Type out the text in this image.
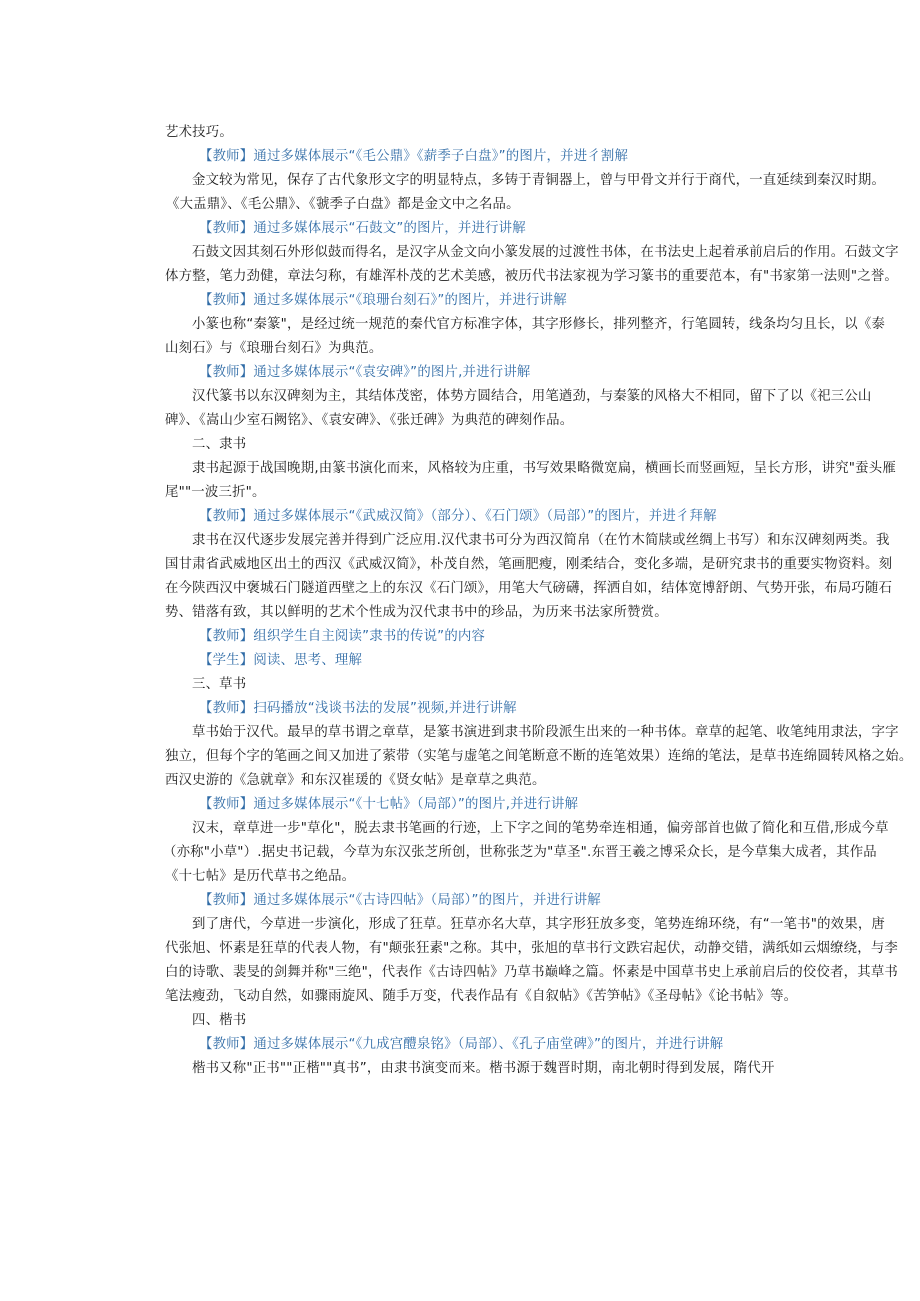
艺术技巧。
【教师】通过多媒体展示“《毛公鼎》《薪季子白盘》”的图片，并进彳割解
金文较为常见，保存了古代象形文字的明显特点，多铸于青铜器上，曾与甲骨文并行于商代，一直延续到秦汉时期。
《大盂鼎》、《毛公鼎》、《虢季子白盘》都是金文中之名品。
【教师】通过多媒体展示“石鼓文”的图片，并进行讲解
石鼓文因其刻石外形似鼓而得名，是汉字从金文向小篆发展的过渡性书体，在书法史上起着承前启后的作用。石鼓文字
体方整，笔力劲健，章法匀称，有雄浑朴茂的艺术美感，被历代书法家视为学习篆书的重要范本，有"书家第一法则"之誉。
【教师】通过多媒体展示“《琅珊台刻石》”的图片，并进行讲解
小篆也称“秦篆"，是经过统一规范的秦代官方标准字体，其字形修长，排列整齐，行笔圆转，线条均匀且长，以《泰
山刻石》与《琅珊台刻石》为典范。
【教师】通过多媒体展示“《袁安碑》”的图片,并进行讲解
汉代篆书以东汉碑刻为主，其结体茂密，体势方圆结合，用笔遒劲，与秦篆的风格大不相同，留下了以《祀三公山
碑》、《嵩山少室石阙铭》、《袁安碑》、《张迁碑》为典范的碑刻作品。
二、隶书
隶书起源于战国晚期,由篆书演化而来，风格较为庄重，书写效果略微宽扁，横画长而竖画短，呈长方形，讲究"蚕头雁
尾""一波三折"。
【教师】通过多媒体展示“《武威汉简》（部分）、《石门颂》（局部）”的图片，并进彳拜解
隶书在汉代逐步发展完善并得到广泛应用.汉代隶书可分为西汉简帛（在竹木简牍或丝绸上书写）和东汉碑刻两类。我
国甘肃省武威地区出土的西汉《武威汉简》，朴茂自然，笔画肥瘦，刚柔结合，变化多端，是研究隶书的重要实物资料。刻
在今陕西汉中褒城石门隧道西壁之上的东汉《石门颂》，用笔大气磅礴，挥洒自如，结体宽博舒朗、气势开张，布局巧随石
势、错落有致，其以鲜明的艺术个性成为汉代隶书中的珍品，为历来书法家所赞赏。
【教师】组织学生自主阅读”隶书的传说”的内容
【学生】阅读、思考、理解
三、草书
【教师】扫码播放“浅谈书法的发展”视频,并进行讲解
草书始于汉代。最早的草书谓之章草，是篆书演进到隶书阶段派生出来的一种书体。章草的起笔、收笔纯用隶法，字字
独立，但每个字的笔画之间又加进了萦带（实笔与虚笔之间笔断意不断的连笔效果）连绵的笔法，是草书连绵圆转风格之始。
西汉史游的《急就章》和东汉崔瑗的《贤女帖》是章草之典范。
【教师】通过多媒体展示“《十七帖》（局部）”的图片,并进行讲解
汉末，章草进一步"草化"，脱去隶书笔画的行迹，上下字之间的笔势牵连相通，偏旁部首也做了简化和互借,形成今草
（亦称"小草"）.据史书记载，今草为东汉张芝所创，世称张芝为"草圣".东晋王羲之博采众长，是今草集大成者，其作品
《十七帖》是历代草书之绝品。
【教师】通过多媒体展示“《古诗四帖》（局部）”的图片，并进行讲解
到了唐代，今草进一步演化，形成了狂草。狂草亦名大草，其字形狂放多变，笔势连绵环绕，有“一笔书"的效果，唐
代张旭、怀素是狂草的代表人物，有"颠张狂素"之称。其中，张旭的草书行文跌宕起伏，动静交错，满纸如云烟缭绕，与李
白的诗歌、裴旻的剑舞并称"三绝"，代表作《古诗四帖》乃草书巅峰之篇。怀素是中国草书史上承前启后的佼佼者，其草书
笔法瘦劲，飞动自然，如骤雨旋风、随手万变，代表作品有《自叙帖》《苦笋帖》《圣母帖》《论书帖》等。
四、楷书
【教师】通过多媒体展示“《九成宫醴泉铭》（局部）、《孔子庙堂碑》”的图片，并进行讲解
楷书又称"正书""正楷""真书”，由隶书演变而来。楷书源于魏晋时期，南北朝时得到发展，隋代开
